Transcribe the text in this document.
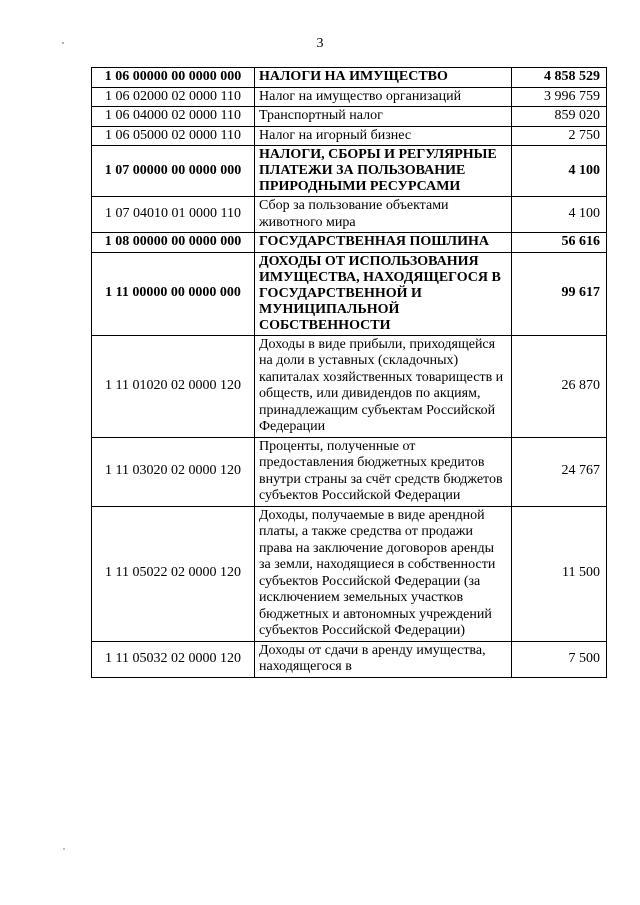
3
1 06 00000 00 0000 000	НАЛОГИ НА ИМУЩЕСТВО	4 858 529
1 06 02000 02 0000 110	Налог на имущество организаций	3 996 759
1 06 04000 02 0000 110	Транспортный налог	859 020
1 06 05000 02 0000 110	Налог на игорный бизнес	2 750
1 07 00000 00 0000 000	НАЛОГИ, СБОРЫ И РЕГУЛЯРНЫЕ ПЛАТЕЖИ ЗА ПОЛЬЗОВАНИЕ ПРИРОДНЫМИ РЕСУРСАМИ	4 100
1 07 04010 01 0000 110	Сбор за пользование объектами животного мира	4 100
1 08 00000 00 0000 000	ГОСУДАРСТВЕННАЯ ПОШЛИНА	56 616
1 11 00000 00 0000 000	ДОХОДЫ ОТ ИСПОЛЬЗОВАНИЯ ИМУЩЕСТВА, НАХОДЯЩЕГОСЯ В ГОСУДАРСТВЕННОЙ И МУНИЦИПАЛЬНОЙ СОБСТВЕННОСТИ	99 617
1 11 01020 02 0000 120	Доходы в виде прибыли, приходящейся на доли в уставных (складочных) капиталах хозяйственных товариществ и обществ, или дивидендов по акциям, принадлежащим субъектам Российской Федерации	26 870
1 11 03020 02 0000 120	Проценты, полученные от предоставления бюджетных кредитов внутри страны за счёт средств бюджетов субъектов Российской Федерации	24 767
1 11 05022 02 0000 120	Доходы, получаемые в виде арендной платы, а также средства от продажи права на заключение договоров аренды за земли, находящиеся в собственности субъектов Российской Федерации (за исключением земельных участков бюджетных и автономных учреждений субъектов Российской Федерации)	11 500
1 11 05032 02 0000 120	Доходы от сдачи в аренду имущества, находящегося в	7 500
